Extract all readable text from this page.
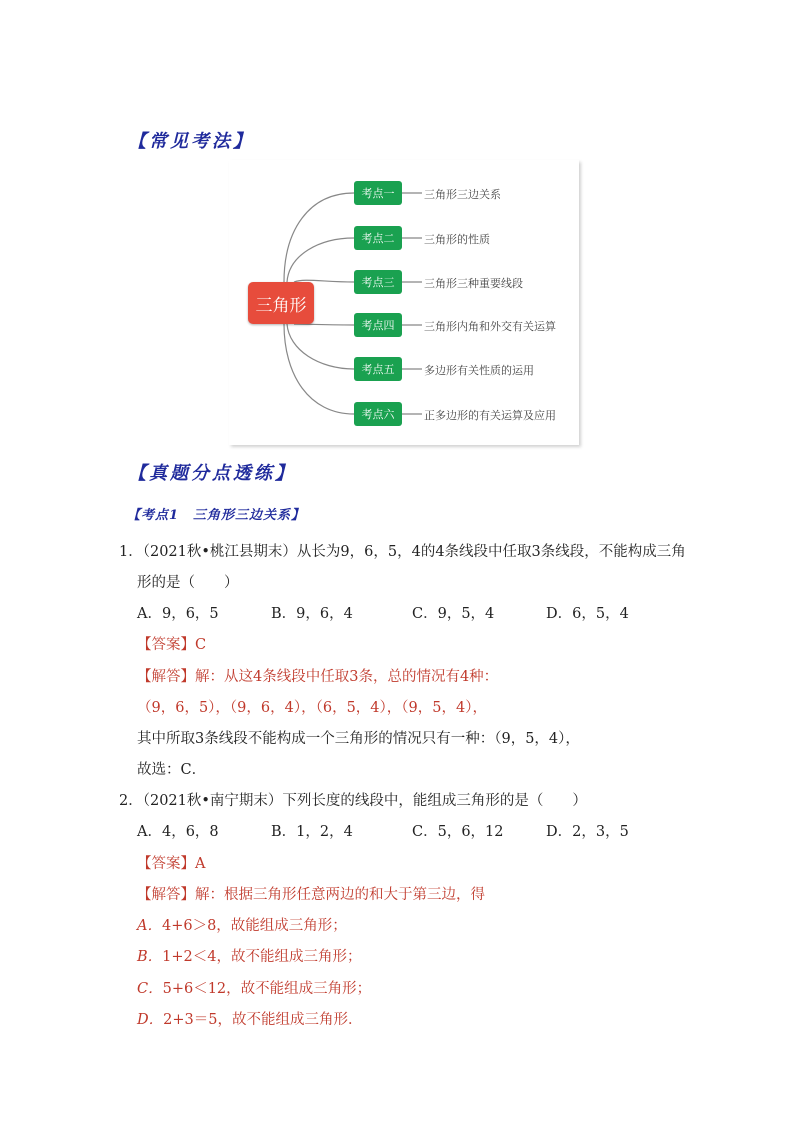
【常见考法】
三角形
考点一	三角形三边关系
考点二	三角形的性质
考点三	三角形三种重要线段
考点四	三角形内角和外交有关运算
考点五	多边形有关性质的运用
考点六	正多边形的有关运算及应用
【真题分点透练】
【考点1　三角形三边关系】
1．（2021秋•桃江县期末）从长为9，6，5，4的4条线段中任取3条线段，不能构成三角
形的是（　　）
A．9，6，5	B．9，6，4	C．9，5，4	D．6，5，4
【答案】C
【解答】解：从这4条线段中任取3条，总的情况有4种：
（9，6，5），（9，6，4），（6，5，4），（9，5，4），
其中所取3条线段不能构成一个三角形的情况只有一种：（9，5，4），
故选：C．
2．（2021秋•南宁期末）下列长度的线段中，能组成三角形的是（　　）
A．4，6，8	B．1，2，4	C．5，6，12	D．2，3，5
【答案】A
【解答】解：根据三角形任意两边的和大于第三边，得
A．4+6＞8，故能组成三角形；
B．1+2＜4，故不能组成三角形；
C．5+6＜12，故不能组成三角形；
D．2+3＝5，故不能组成三角形．
